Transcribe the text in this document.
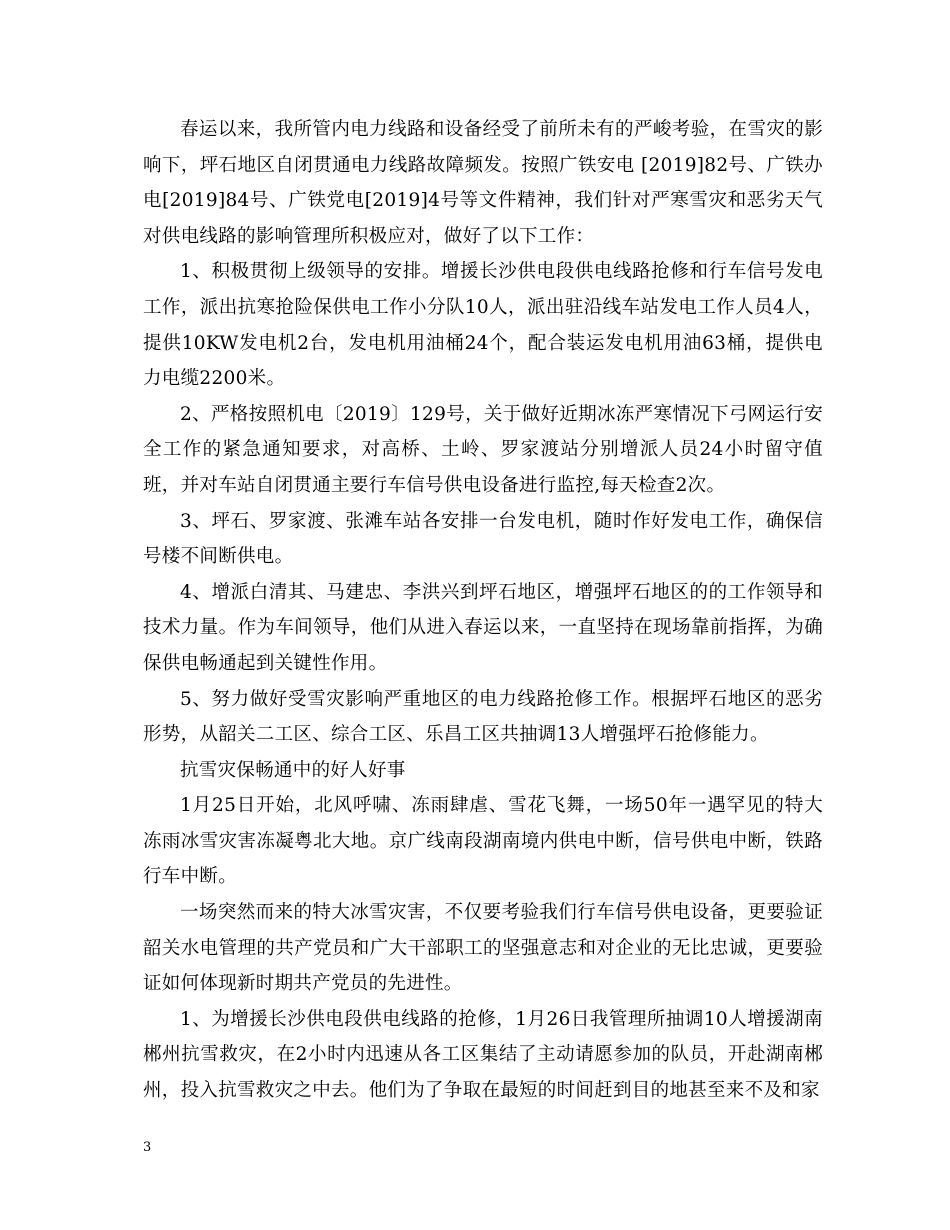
春运以来，我所管内电力线路和设备经受了前所未有的严峻考验，在雪灾的影响下，坪石地区自闭贯通电力线路故障频发。按照广铁安电 [2019]82号、广铁办电[2019]84号、广铁党电[2019]4号等文件精神，我们针对严寒雪灾和恶劣天气对供电线路的影响管理所积极应对，做好了以下工作：

1、积极贯彻上级领导的安排。增援长沙供电段供电线路抢修和行车信号发电工作，派出抗寒抢险保供电工作小分队10人，派出驻沿线车站发电工作人员4人，提供10KW发电机2台，发电机用油桶24个，配合装运发电机用油63桶，提供电力电缆2200米。

2、严格按照机电〔2019〕129号，关于做好近期冰冻严寒情况下弓网运行安全工作的紧急通知要求，对高桥、土岭、罗家渡站分别增派人员24小时留守值班，并对车站自闭贯通主要行车信号供电设备进行监控,每天检查2次。

3、坪石、罗家渡、张滩车站各安排一台发电机，随时作好发电工作，确保信号楼不间断供电。

4、增派白清其、马建忠、李洪兴到坪石地区，增强坪石地区的的工作领导和技术力量。作为车间领导，他们从进入春运以来，一直坚持在现场靠前指挥，为确保供电畅通起到关键性作用。

5、努力做好受雪灾影响严重地区的电力线路抢修工作。根据坪石地区的恶劣形势，从韶关二工区、综合工区、乐昌工区共抽调13人增强坪石抢修能力。

抗雪灾保畅通中的好人好事

1月25日开始，北风呼啸、冻雨肆虐、雪花飞舞，一场50年一遇罕见的特大冻雨冰雪灾害冻凝粤北大地。京广线南段湖南境内供电中断，信号供电中断，铁路行车中断。

一场突然而来的特大冰雪灾害，不仅要考验我们行车信号供电设备，更要验证韶关水电管理的共产党员和广大干部职工的坚强意志和对企业的无比忠诚，更要验证如何体现新时期共产党员的先进性。

1、为增援长沙供电段供电线路的抢修，1月26日我管理所抽调10人增援湖南郴州抗雪救灾，在2小时内迅速从各工区集结了主动请愿参加的队员，开赴湖南郴州，投入抗雪救灾之中去。他们为了争取在最短的时间赶到目的地甚至来不及和家

3
